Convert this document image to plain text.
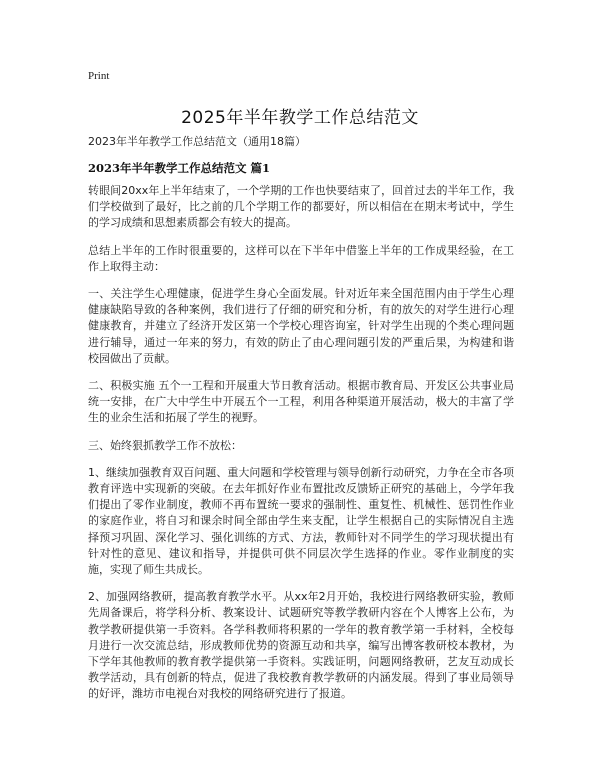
Print
2025年半年教学工作总结范文
2023年半年教学工作总结范文（通用18篇）
2023年半年教学工作总结范文 篇1

转眼间20xx年上半年结束了，一个学期的工作也快要结束了，回首过去的半年工作，我们学校做到了最好，比之前的几个学期工作的都要好，所以相信在在期末考试中，学生的学习成绩和思想素质都会有较大的提高。

总结上半年的工作时很重要的，这样可以在下半年中借鉴上半年的工作成果经验，在工作上取得主动：

一、关注学生心理健康，促进学生身心全面发展。针对近年来全国范围内由于学生心理健康缺陷导致的各种案例，我们进行了仔细的研究和分析，有的放矢的对学生进行心理健康教育，并建立了经济开发区第一个学校心理咨询室，针对学生出现的个类心理问题进行辅导，通过一年来的努力，有效的防止了由心理问题引发的严重后果，为构建和谐校园做出了贡献。

二、积极实施 五个一工程和开展重大节日教育活动。根据市教育局、开发区公共事业局统一安排，在广大中学生中开展五个一工程，利用各种渠道开展活动，极大的丰富了学生的业余生活和拓展了学生的视野。

三、始终狠抓教学工作不放松：

1、继续加强教育双百问题、重大问题和学校管理与领导创新行动研究，力争在全市各项教育评选中实现新的突破。在去年抓好作业布置批改反馈矫正研究的基础上，今学年我们提出了零作业制度，教师不再布置统一要求的强制性、重复性、机械性、惩罚性作业的家庭作业，将自习和课余时间全部由学生来支配，让学生根据自己的实际情况自主选择预习巩固、深化学习、强化训练的方式、方法，教师针对不同学生的学习现状提出有针对性的意见、建议和指导，并提供可供不同层次学生选择的作业。零作业制度的实施，实现了师生共成长。

2、加强网络教研，提高教育教学水平。从xx年2月开始，我校进行网络教研实验，教师先周备课后，将学科分析、教案设计、试题研究等教学教研内容在个人博客上公布，为教学教研提供第一手资料。各学科教师将积累的一学年的教育教学第一手材料，全校每月进行一次交流总结，形成教师优势的资源互动和共享，编写出博客教研校本教材，为下学年其他教师的教育教学提供第一手资料。实践证明，问题网络教研，艺友互动成长教学活动，具有创新的特点，促进了我校教育教学教研的内涵发展。得到了事业局领导的好评，潍坊市电视台对我校的网络研究进行了报道。
